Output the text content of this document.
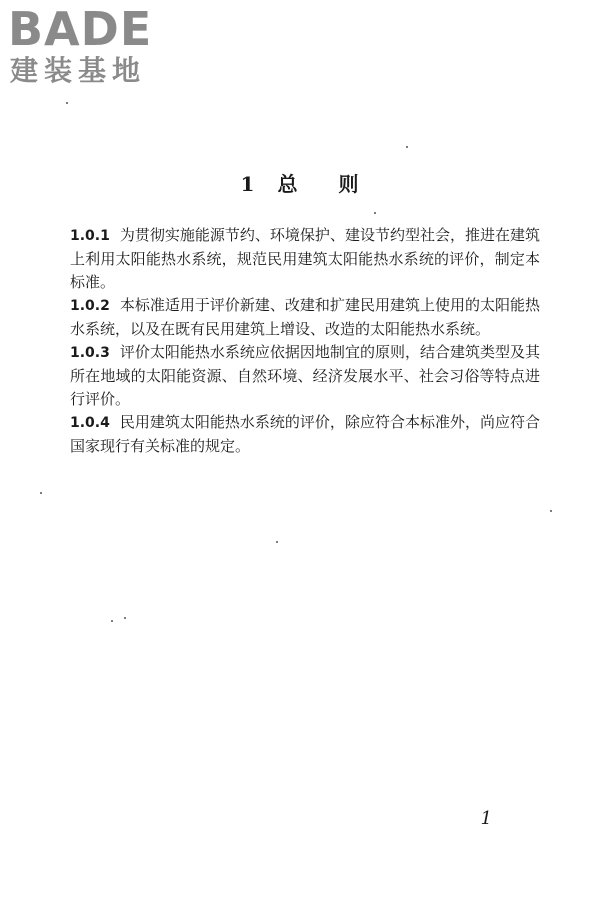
BADE
建装基地
1 总 则

1.0.1 为贯彻实施能源节约、环境保护、建设节约型社会，推进在建筑上利用太阳能热水系统，规范民用建筑太阳能热水系统的评价，制定本标准。

1.0.2 本标准适用于评价新建、改建和扩建民用建筑上使用的太阳能热水系统，以及在既有民用建筑上增设、改造的太阳能热水系统。

1.0.3 评价太阳能热水系统应依据因地制宜的原则，结合建筑类型及其所在地域的太阳能资源、自然环境、经济发展水平、社会习俗等特点进行评价。

1.0.4 民用建筑太阳能热水系统的评价，除应符合本标准外，尚应符合国家现行有关标准的规定。

1
